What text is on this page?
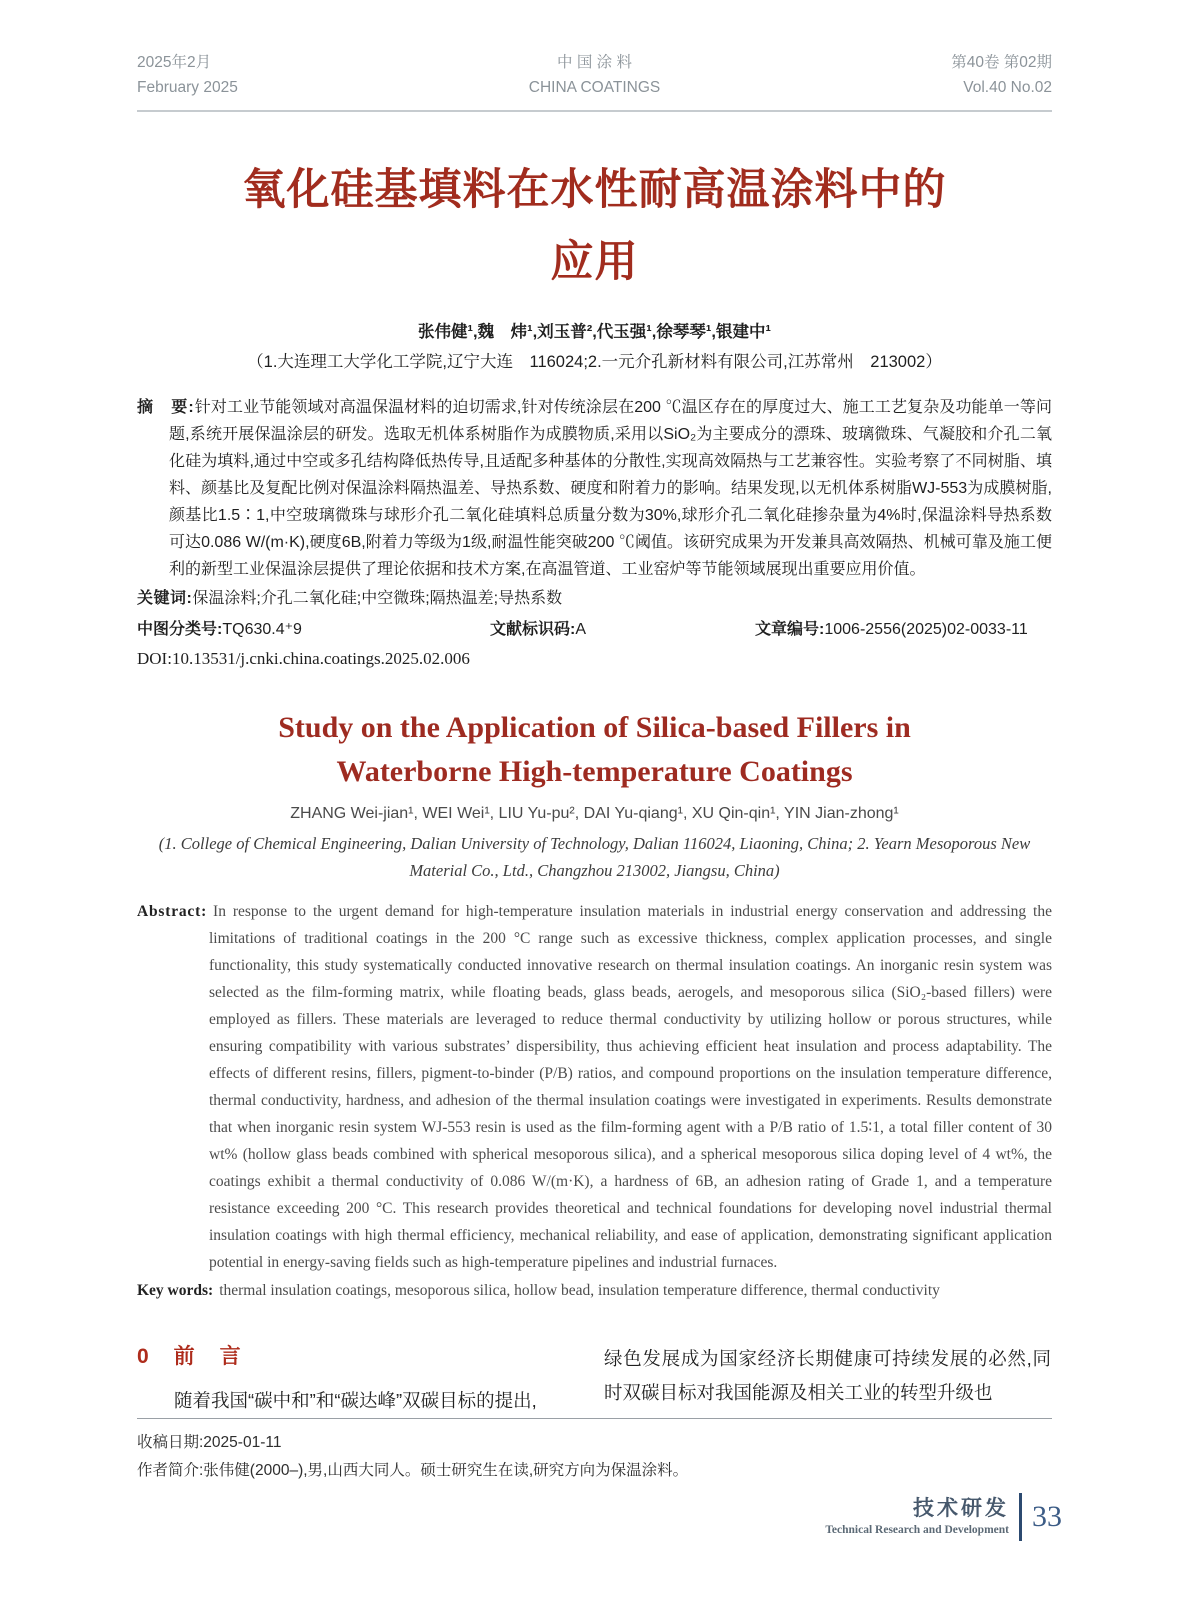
2025年2月
February 2025
中 国 涂 料
CHINA COATINGS
第40卷 第02期
Vol.40 No.02
氧化硅基填料在水性耐高温涂料中的
应用
张伟健¹,魏　炜¹,刘玉普²,代玉强¹,徐琴琴¹,银建中¹
（1.大连理工大学化工学院,辽宁大连　116024;2.一元介孔新材料有限公司,江苏常州　213002）

摘　要:针对工业节能领域对高温保温材料的迫切需求,针对传统涂层在200 ℃温区存在的厚度过大、施工工艺复杂及功能单一等问题,系统开展保温涂层的研发。选取无机体系树脂作为成膜物质,采用以SiO₂为主要成分的漂珠、玻璃微珠、气凝胶和介孔二氧化硅为填料,通过中空或多孔结构降低热传导,且适配多种基体的分散性,实现高效隔热与工艺兼容性。实验考察了不同树脂、填料、颜基比及复配比例对保温涂料隔热温差、导热系数、硬度和附着力的影响。结果发现,以无机体系树脂WJ-553为成膜树脂,颜基比1.5∶1,中空玻璃微珠与球形介孔二氧化硅填料总质量分数为30%,球形介孔二氧化硅掺杂量为4%时,保温涂料导热系数可达0.086 W/(m·K),硬度6B,附着力等级为1级,耐温性能突破200 ℃阈值。该研究成果为开发兼具高效隔热、机械可靠及施工便利的新型工业保温涂层提供了理论依据和技术方案,在高温管道、工业窑炉等节能领域展现出重要应用价值。

关键词:保温涂料;介孔二氧化硅;中空微珠;隔热温差;导热系数

中图分类号:TQ630.4⁺9	文献标识码:A	文章编号:1006-2556(2025)02-0033-11
DOI:10.13531/j.cnki.china.coatings.2025.02.006
Study on the Application of Silica-based Fillers in
Waterborne High-temperature Coatings
ZHANG Wei-jian¹, WEI Wei¹, LIU Yu-pu², DAI Yu-qiang¹, XU Qin-qin¹, YIN Jian-zhong¹
(1. College of Chemical Engineering, Dalian University of Technology, Dalian 116024, Liaoning, China; 2. Yearn Mesoporous New Material Co., Ltd., Changzhou 213002, Jiangsu, China)

Abstract: In response to the urgent demand for high-temperature insulation materials in industrial energy conservation and addressing the limitations of traditional coatings in the 200 °C range such as excessive thickness, complex application processes, and single functionality, this study systematically conducted innovative research on thermal insulation coatings. An inorganic resin system was selected as the film-forming matrix, while floating beads, glass beads, aerogels, and mesoporous silica (SiO₂-based fillers) were employed as fillers. These materials are leveraged to reduce thermal conductivity by utilizing hollow or porous structures, while ensuring compatibility with various substrates’ dispersibility, thus achieving efficient heat insulation and process adaptability. The effects of different resins, fillers, pigment-to-binder (P/B) ratios, and compound proportions on the insulation temperature difference, thermal conductivity, hardness, and adhesion of the thermal insulation coatings were investigated in experiments. Results demonstrate that when inorganic resin system WJ-553 resin is used as the film-forming agent with a P/B ratio of 1.5∶1, a total filler content of 30 wt% (hollow glass beads combined with spherical mesoporous silica), and a spherical mesoporous silica doping level of 4 wt%, the coatings exhibit a thermal conductivity of 0.086 W/(m·K), a hardness of 6B, an adhesion rating of Grade 1, and a temperature resistance exceeding 200 °C. This research provides theoretical and technical foundations for developing novel industrial thermal insulation coatings with high thermal efficiency, mechanical reliability, and ease of application, demonstrating significant application potential in energy-saving fields such as high-temperature pipelines and industrial furnaces.

Key words: thermal insulation coatings, mesoporous silica, hollow bead, insulation temperature difference, thermal conductivity

0　前　言

随着我国“碳中和”和“碳达峰”双碳目标的提出,

绿色发展成为国家经济长期健康可持续发展的必然,同时双碳目标对我国能源及相关工业的转型升级也

收稿日期:2025-01-11
作者简介:张伟健(2000–),男,山西大同人。硕士研究生在读,研究方向为保温涂料。
技术研发
Technical Research and Development 33
